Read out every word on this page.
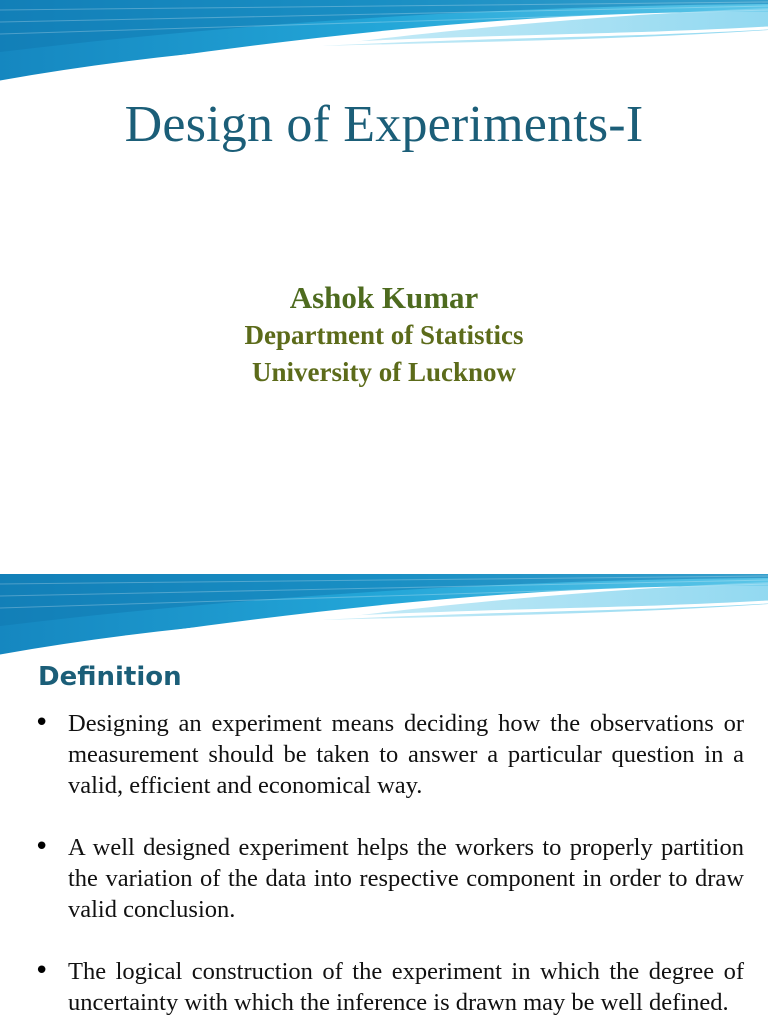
Design of Experiments-I

Ashok Kumar

Department of Statistics

University of Lucknow

Definition
• Designing an experiment means deciding how the observations or measurement should be taken to answer a particular question in a valid, efficient and economical way.
• A well designed experiment helps the workers to properly partition the variation of the data into respective component in order to draw valid conclusion.
• The logical construction of the experiment in which the degree of uncertainty with which the inference is drawn may be well defined.
